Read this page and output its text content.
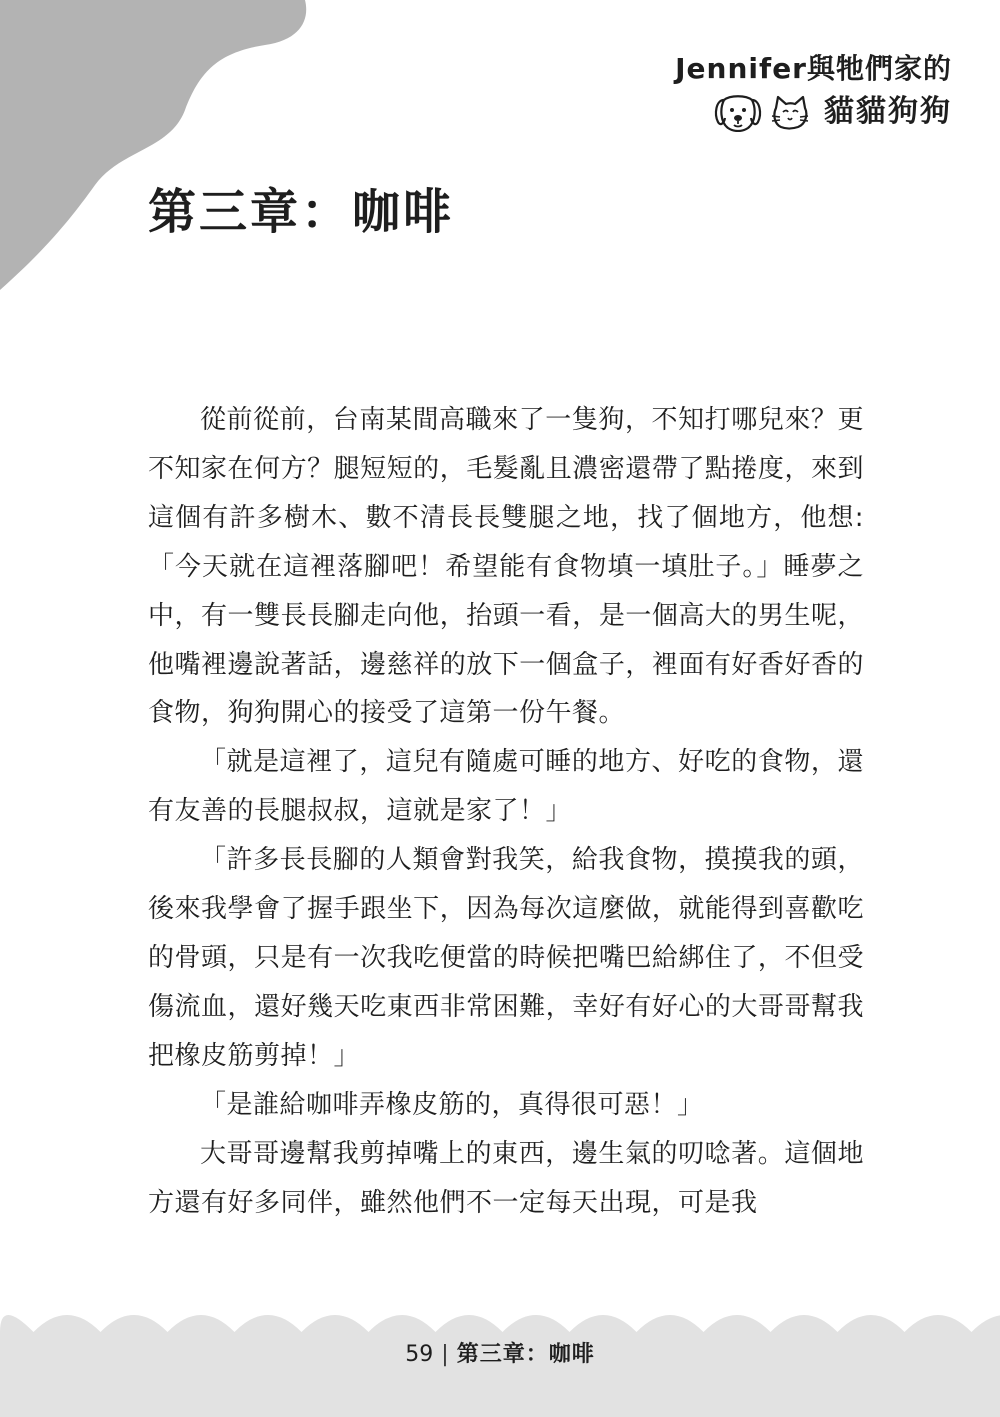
Jennifer與牠們家的
貓貓狗狗
第三章：咖啡

從前從前，台南某間高職來了一隻狗，不知打哪兒來？更不知家在何方？腿短短的，毛髮亂且濃密還帶了點捲度，來到這個有許多樹木、數不清長長雙腿之地，找了個地方，他想:「今天就在這裡落腳吧！希望能有食物填一填肚子。」睡夢之中，有一雙長長腳走向他，抬頭一看，是一個高大的男生呢，他嘴裡邊說著話，邊慈祥的放下一個盒子，裡面有好香好香的食物，狗狗開心的接受了這第一份午餐。

「就是這裡了，這兒有隨處可睡的地方、好吃的食物，還有友善的長腿叔叔，這就是家了！」

「許多長長腳的人類會對我笑，給我食物，摸摸我的頭，後來我學會了握手跟坐下，因為每次這麼做，就能得到喜歡吃的骨頭，只是有一次我吃便當的時候把嘴巴給綁住了，不但受傷流血，還好幾天吃東西非常困難，幸好有好心的大哥哥幫我把橡皮筋剪掉！」

「是誰給咖啡弄橡皮筋的，真得很可惡！」

大哥哥邊幫我剪掉嘴上的東西，邊生氣的叨唸著。這個地方還有好多同伴，雖然他們不一定每天出現，可是我

59 | 第三章：咖啡
